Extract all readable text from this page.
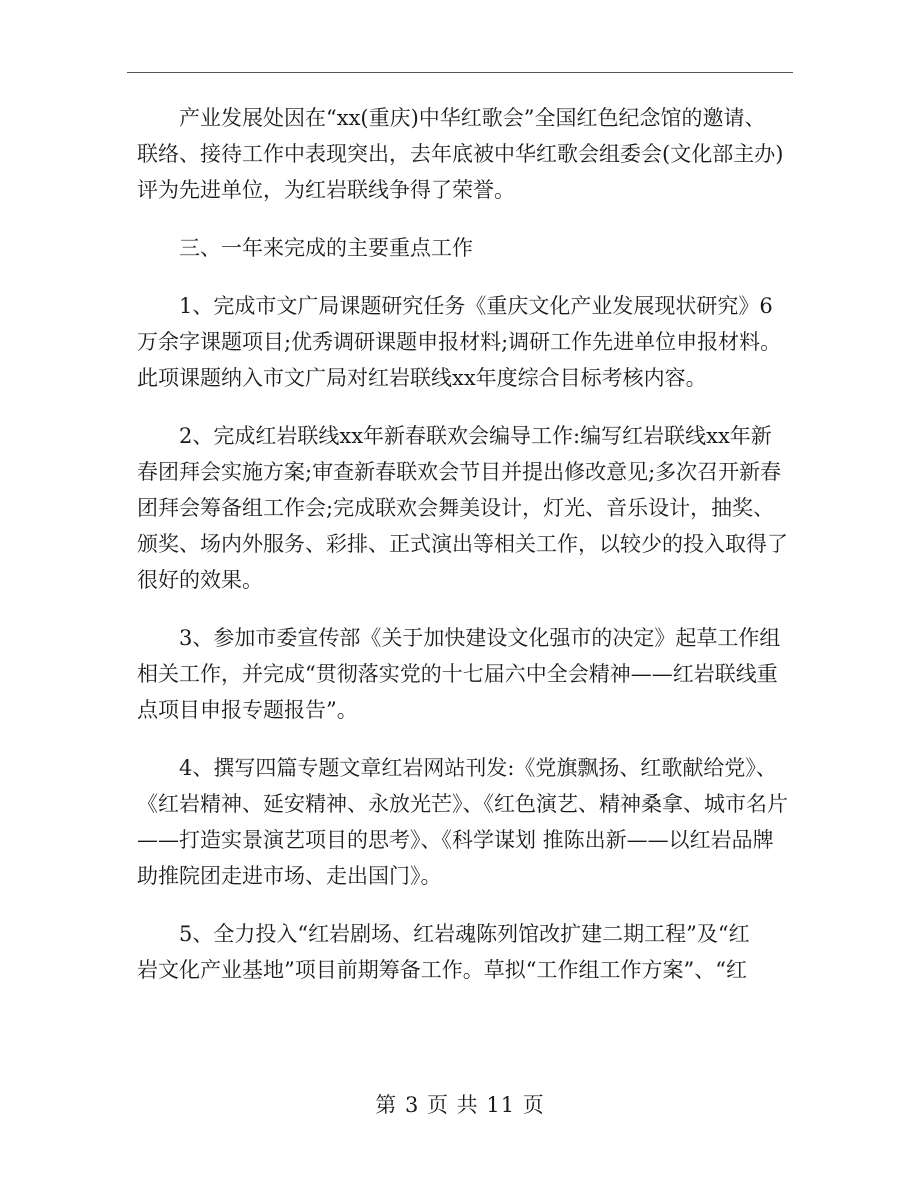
产业发展处因在“xx(重庆)中华红歌会”全国红色纪念馆的邀请、
联络、接待工作中表现突出，去年底被中华红歌会组委会(文化部主办)
评为先进单位，为红岩联线争得了荣誉。

三、一年来完成的主要重点工作

1、完成市文广局课题研究任务《重庆文化产业发展现状研究》6
万余字课题项目;优秀调研课题申报材料;调研工作先进单位申报材料。
此项课题纳入市文广局对红岩联线xx年度综合目标考核内容。

2、完成红岩联线xx年新春联欢会编导工作:编写红岩联线xx年新
春团拜会实施方案;审查新春联欢会节目并提出修改意见;多次召开新春
团拜会筹备组工作会;完成联欢会舞美设计，灯光、音乐设计，抽奖、
颁奖、场内外服务、彩排、正式演出等相关工作，以较少的投入取得了
很好的效果。

3、参加市委宣传部《关于加快建设文化强市的决定》起草工作组
相关工作，并完成“贯彻落实党的十七届六中全会精神——红岩联线重
点项目申报专题报告”。

4、撰写四篇专题文章红岩网站刊发:《党旗飘扬、红歌献给党》、
《红岩精神、延安精神、永放光芒》、《红色演艺、精神桑拿、城市名片
——打造实景演艺项目的思考》、《科学谋划 推陈出新——以红岩品牌
助推院团走进市场、走出国门》。

5、全力投入“红岩剧场、红岩魂陈列馆改扩建二期工程”及“红
岩文化产业基地”项目前期筹备工作。草拟“工作组工作方案”、“红

第 3 页 共 11 页
